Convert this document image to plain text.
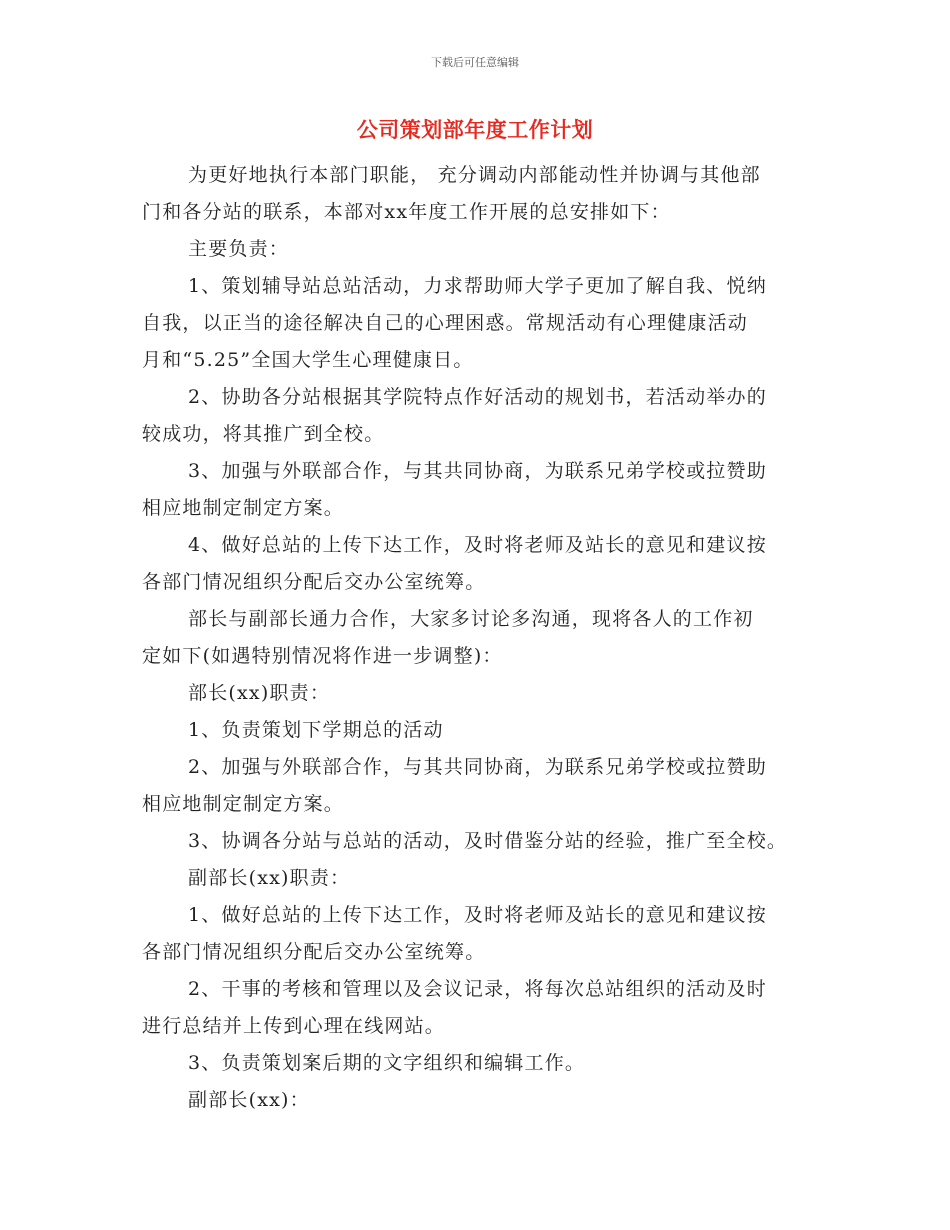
下载后可任意编辑
公司策划部年度工作计划

为更好地执行本部门职能， 充分调动内部能动性并协调与其他部
门和各分站的联系，本部对xx年度工作开展的总安排如下：

主要负责：

1、策划辅导站总站活动，力求帮助师大学子更加了解自我、悦纳
自我，以正当的途径解决自己的心理困惑。常规活动有心理健康活动
月和“5.25”全国大学生心理健康日。

2、协助各分站根据其学院特点作好活动的规划书，若活动举办的
较成功，将其推广到全校。

3、加强与外联部合作，与其共同协商，为联系兄弟学校或拉赞助
相应地制定制定方案。

4、做好总站的上传下达工作，及时将老师及站长的意见和建议按
各部门情况组织分配后交办公室统筹。

部长与副部长通力合作，大家多讨论多沟通，现将各人的工作初
定如下(如遇特别情况将作进一步调整)：

部长(xx)职责：

1、负责策划下学期总的活动

2、加强与外联部合作，与其共同协商，为联系兄弟学校或拉赞助
相应地制定制定方案。

3、协调各分站与总站的活动，及时借鉴分站的经验，推广至全校。

副部长(xx)职责：

1、做好总站的上传下达工作，及时将老师及站长的意见和建议按
各部门情况组织分配后交办公室统筹。

2、干事的考核和管理以及会议记录，将每次总站组织的活动及时
进行总结并上传到心理在线网站。

3、负责策划案后期的文字组织和编辑工作。

副部长(xx)：
